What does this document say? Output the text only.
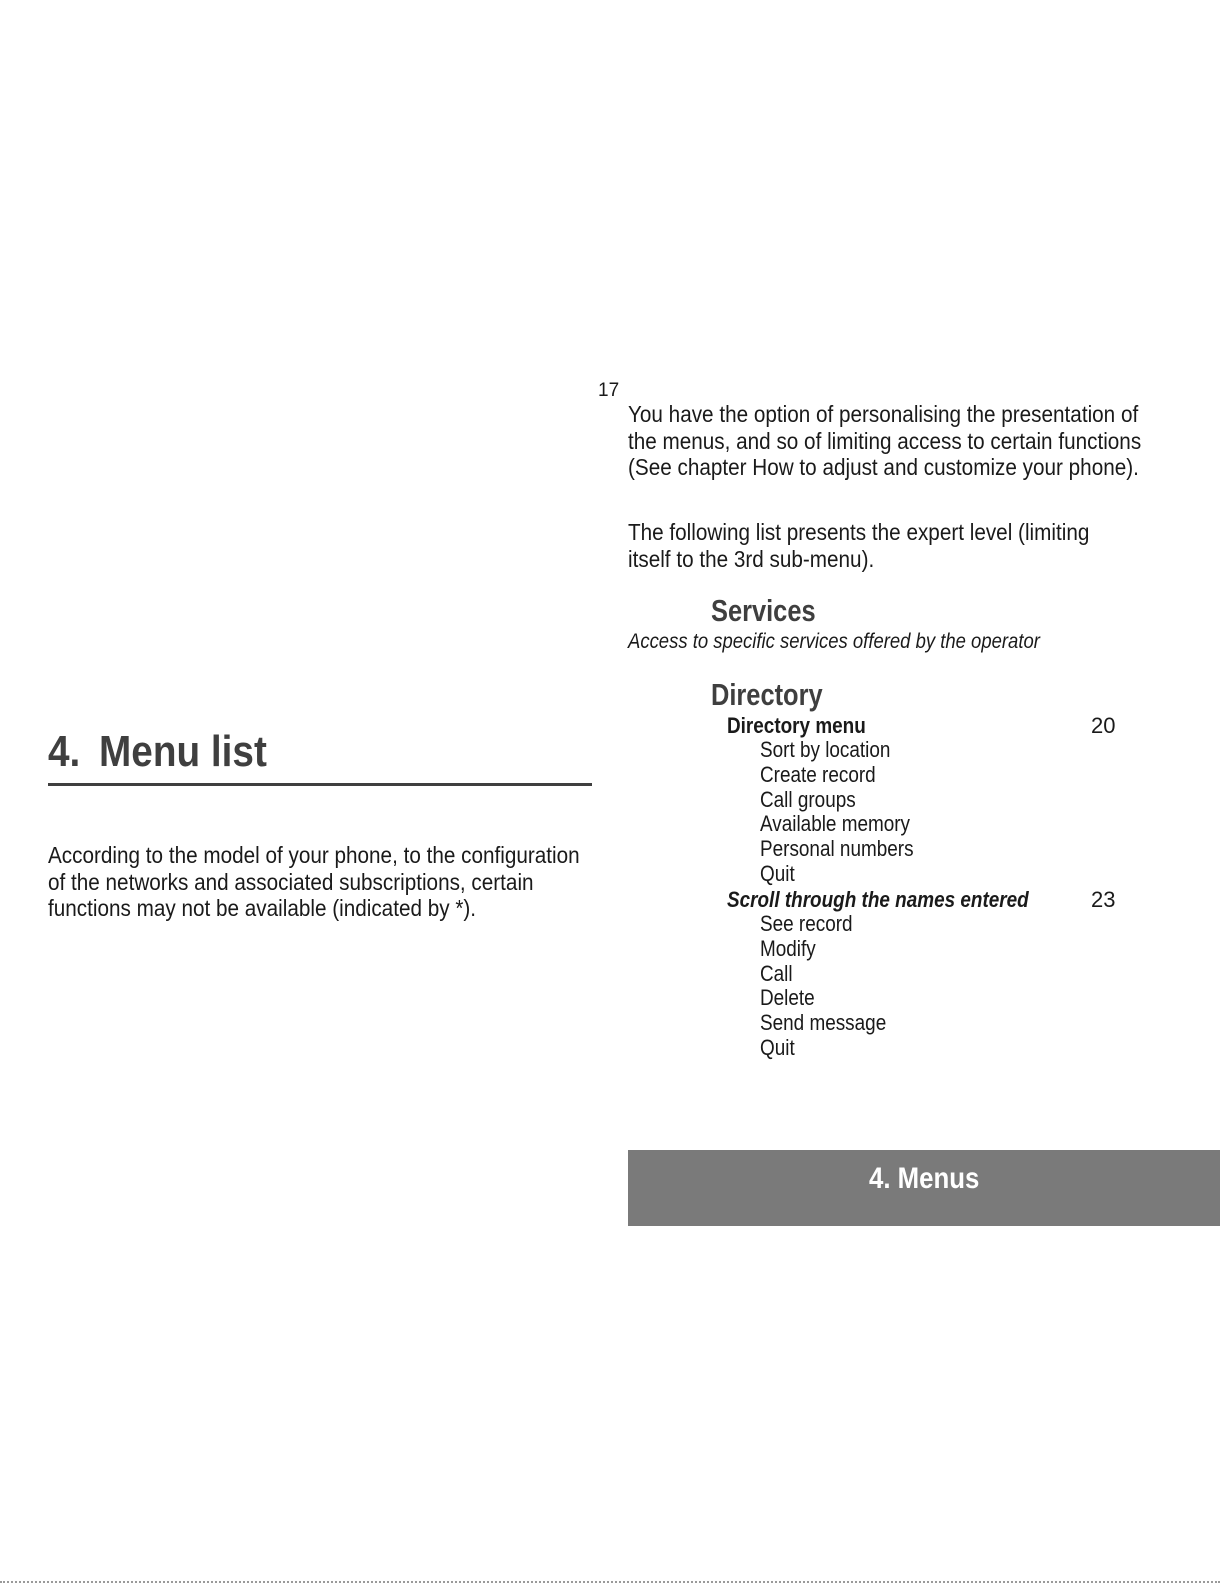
17
4. Menu list

According to the model of your phone, to the configuration of the networks and associated subscriptions, certain functions may not be available (indicated by *).

You have the option of personalising the presentation of the menus, and so of limiting access to certain functions (See chapter How to adjust and customize your phone).

The following list presents the expert level (limiting itself to the 3rd sub-menu).

Services
Access to specific services offered by the operator
Directory
Directory menu	20
Sort by location
Create record
Call groups
Available memory
Personal numbers
Quit
Scroll through the names entered	23
See record
Modify
Call
Delete
Send message
Quit
4. Menus
